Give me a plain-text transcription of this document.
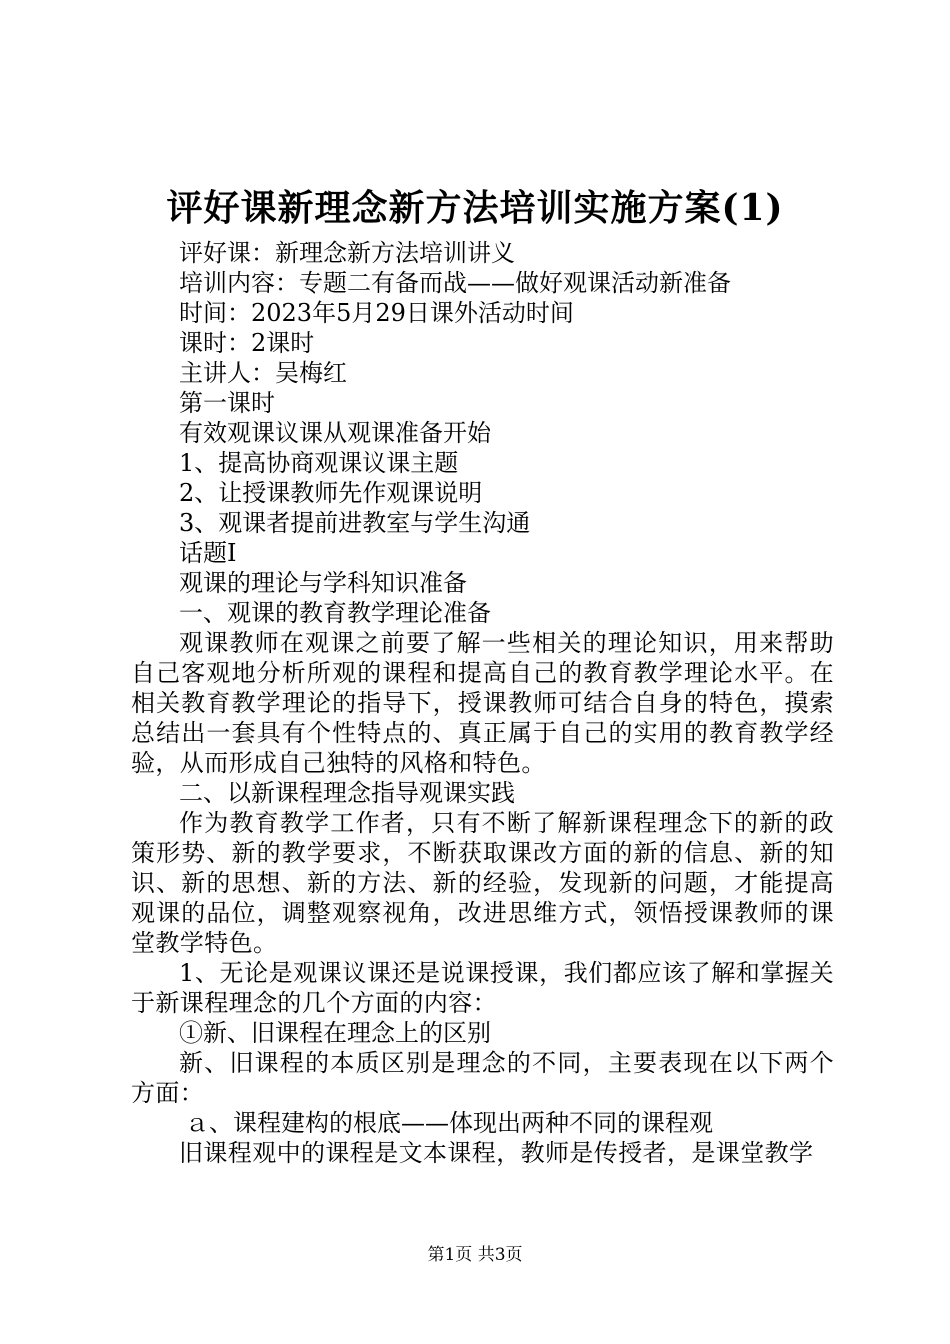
评好课新理念新方法培训实施方案(1)

评好课：新理念新方法培训讲义

培训内容：专题二有备而战——做好观课活动新准备

时间：2023年5月29日课外活动时间

课时：2课时

主讲人：吴梅红

第一课时

有效观课议课从观课准备开始

1、提高协商观课议课主题

2、让授课教师先作观课说明

3、观课者提前进教室与学生沟通

话题Ⅰ

观课的理论与学科知识准备

一、观课的教育教学理论准备

观课教师在观课之前要了解一些相关的理论知识，用来帮助自己客观地分析所观的课程和提高自己的教育教学理论水平。在相关教育教学理论的指导下，授课教师可结合自身的特色，摸索总结出一套具有个性特点的、真正属于自己的实用的教育教学经验，从而形成自己独特的风格和特色。

二、以新课程理念指导观课实践

作为教育教学工作者，只有不断了解新课程理念下的新的政策形势、新的教学要求，不断获取课改方面的新的信息、新的知识、新的思想、新的方法、新的经验，发现新的问题，才能提高观课的品位，调整观察视角，改进思维方式，领悟授课教师的课堂教学特色。

1、无论是观课议课还是说课授课，我们都应该了解和掌握关于新课程理念的几个方面的内容：

①新、旧课程在理念上的区别

新、旧课程的本质区别是理念的不同，主要表现在以下两个方面：

ａ、课程建构的根底——体现出两种不同的课程观

旧课程观中的课程是文本课程，教师是传授者，是课堂教学

第1页 共3页
